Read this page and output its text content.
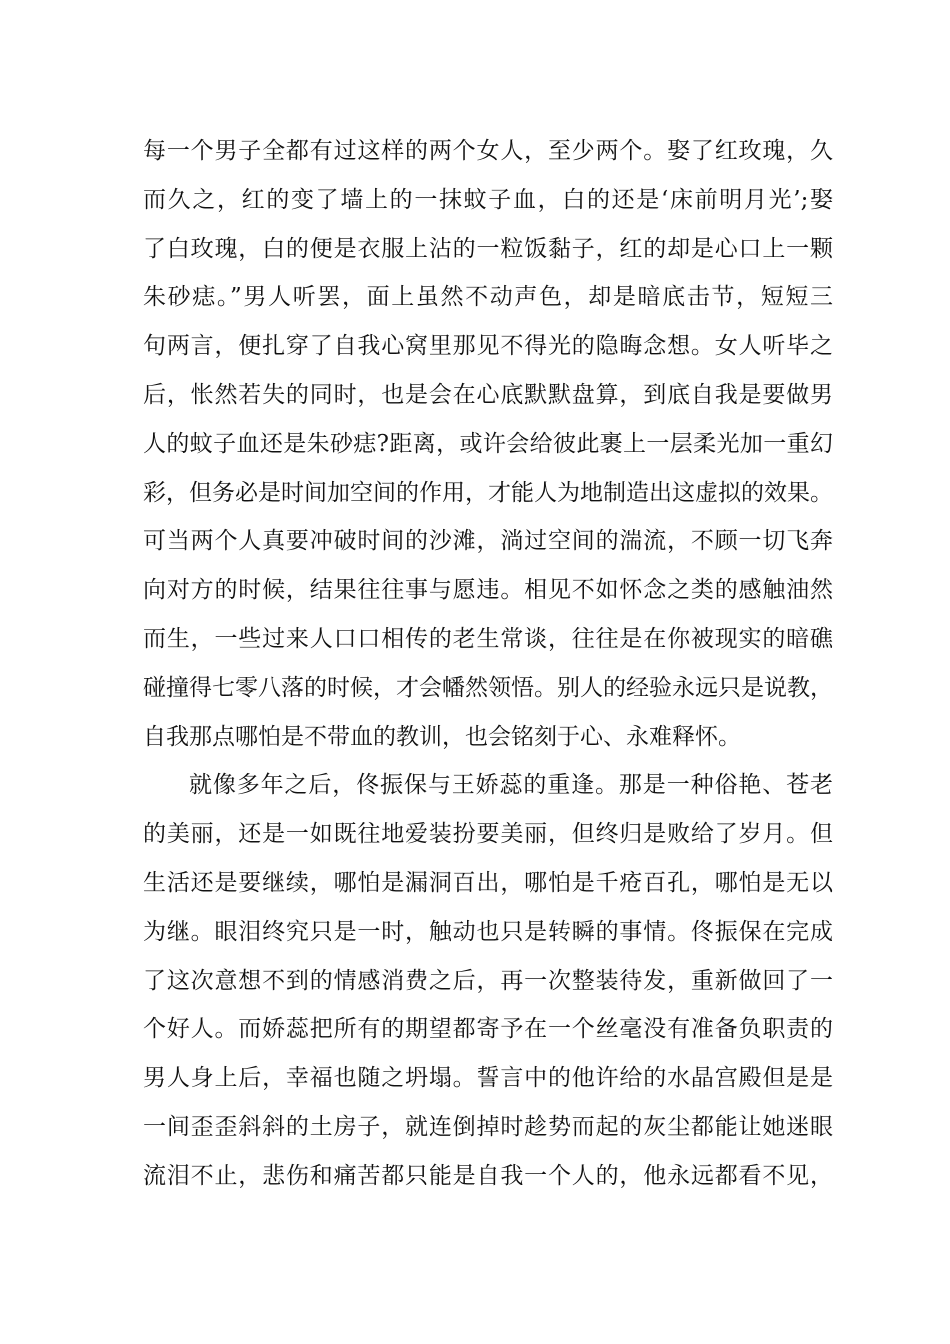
每一个男子全都有过这样的两个女人，至少两个。娶了红玫瑰，久
而久之，红的变了墙上的一抹蚊子血，白的还是‘床前明月光’;娶
了白玫瑰，白的便是衣服上沾的一粒饭黏子，红的却是心口上一颗
朱砂痣。”男人听罢，面上虽然不动声色，却是暗底击节，短短三
句两言，便扎穿了自我心窝里那见不得光的隐晦念想。女人听毕之
后，怅然若失的同时，也是会在心底默默盘算，到底自我是要做男
人的蚊子血还是朱砂痣?距离，或许会给彼此裹上一层柔光加一重幻
彩，但务必是时间加空间的作用，才能人为地制造出这虚拟的效果。
可当两个人真要冲破时间的沙滩，淌过空间的湍流，不顾一切飞奔
向对方的时候，结果往往事与愿违。相见不如怀念之类的感触油然
而生，一些过来人口口相传的老生常谈，往往是在你被现实的暗礁
碰撞得七零八落的时候，才会幡然领悟。别人的经验永远只是说教，
自我那点哪怕是不带血的教训，也会铭刻于心、永难释怀。
就像多年之后，佟振保与王娇蕊的重逢。那是一种俗艳、苍老
的美丽，还是一如既往地爱装扮要美丽，但终归是败给了岁月。但
生活还是要继续，哪怕是漏洞百出，哪怕是千疮百孔，哪怕是无以
为继。眼泪终究只是一时，触动也只是转瞬的事情。佟振保在完成
了这次意想不到的情感消费之后，再一次整装待发，重新做回了一
个好人。而娇蕊把所有的期望都寄予在一个丝毫没有准备负职责的
男人身上后，幸福也随之坍塌。誓言中的他许给的水晶宫殿但是是
一间歪歪斜斜的土房子，就连倒掉时趁势而起的灰尘都能让她迷眼
流泪不止，悲伤和痛苦都只能是自我一个人的，他永远都看不见，
